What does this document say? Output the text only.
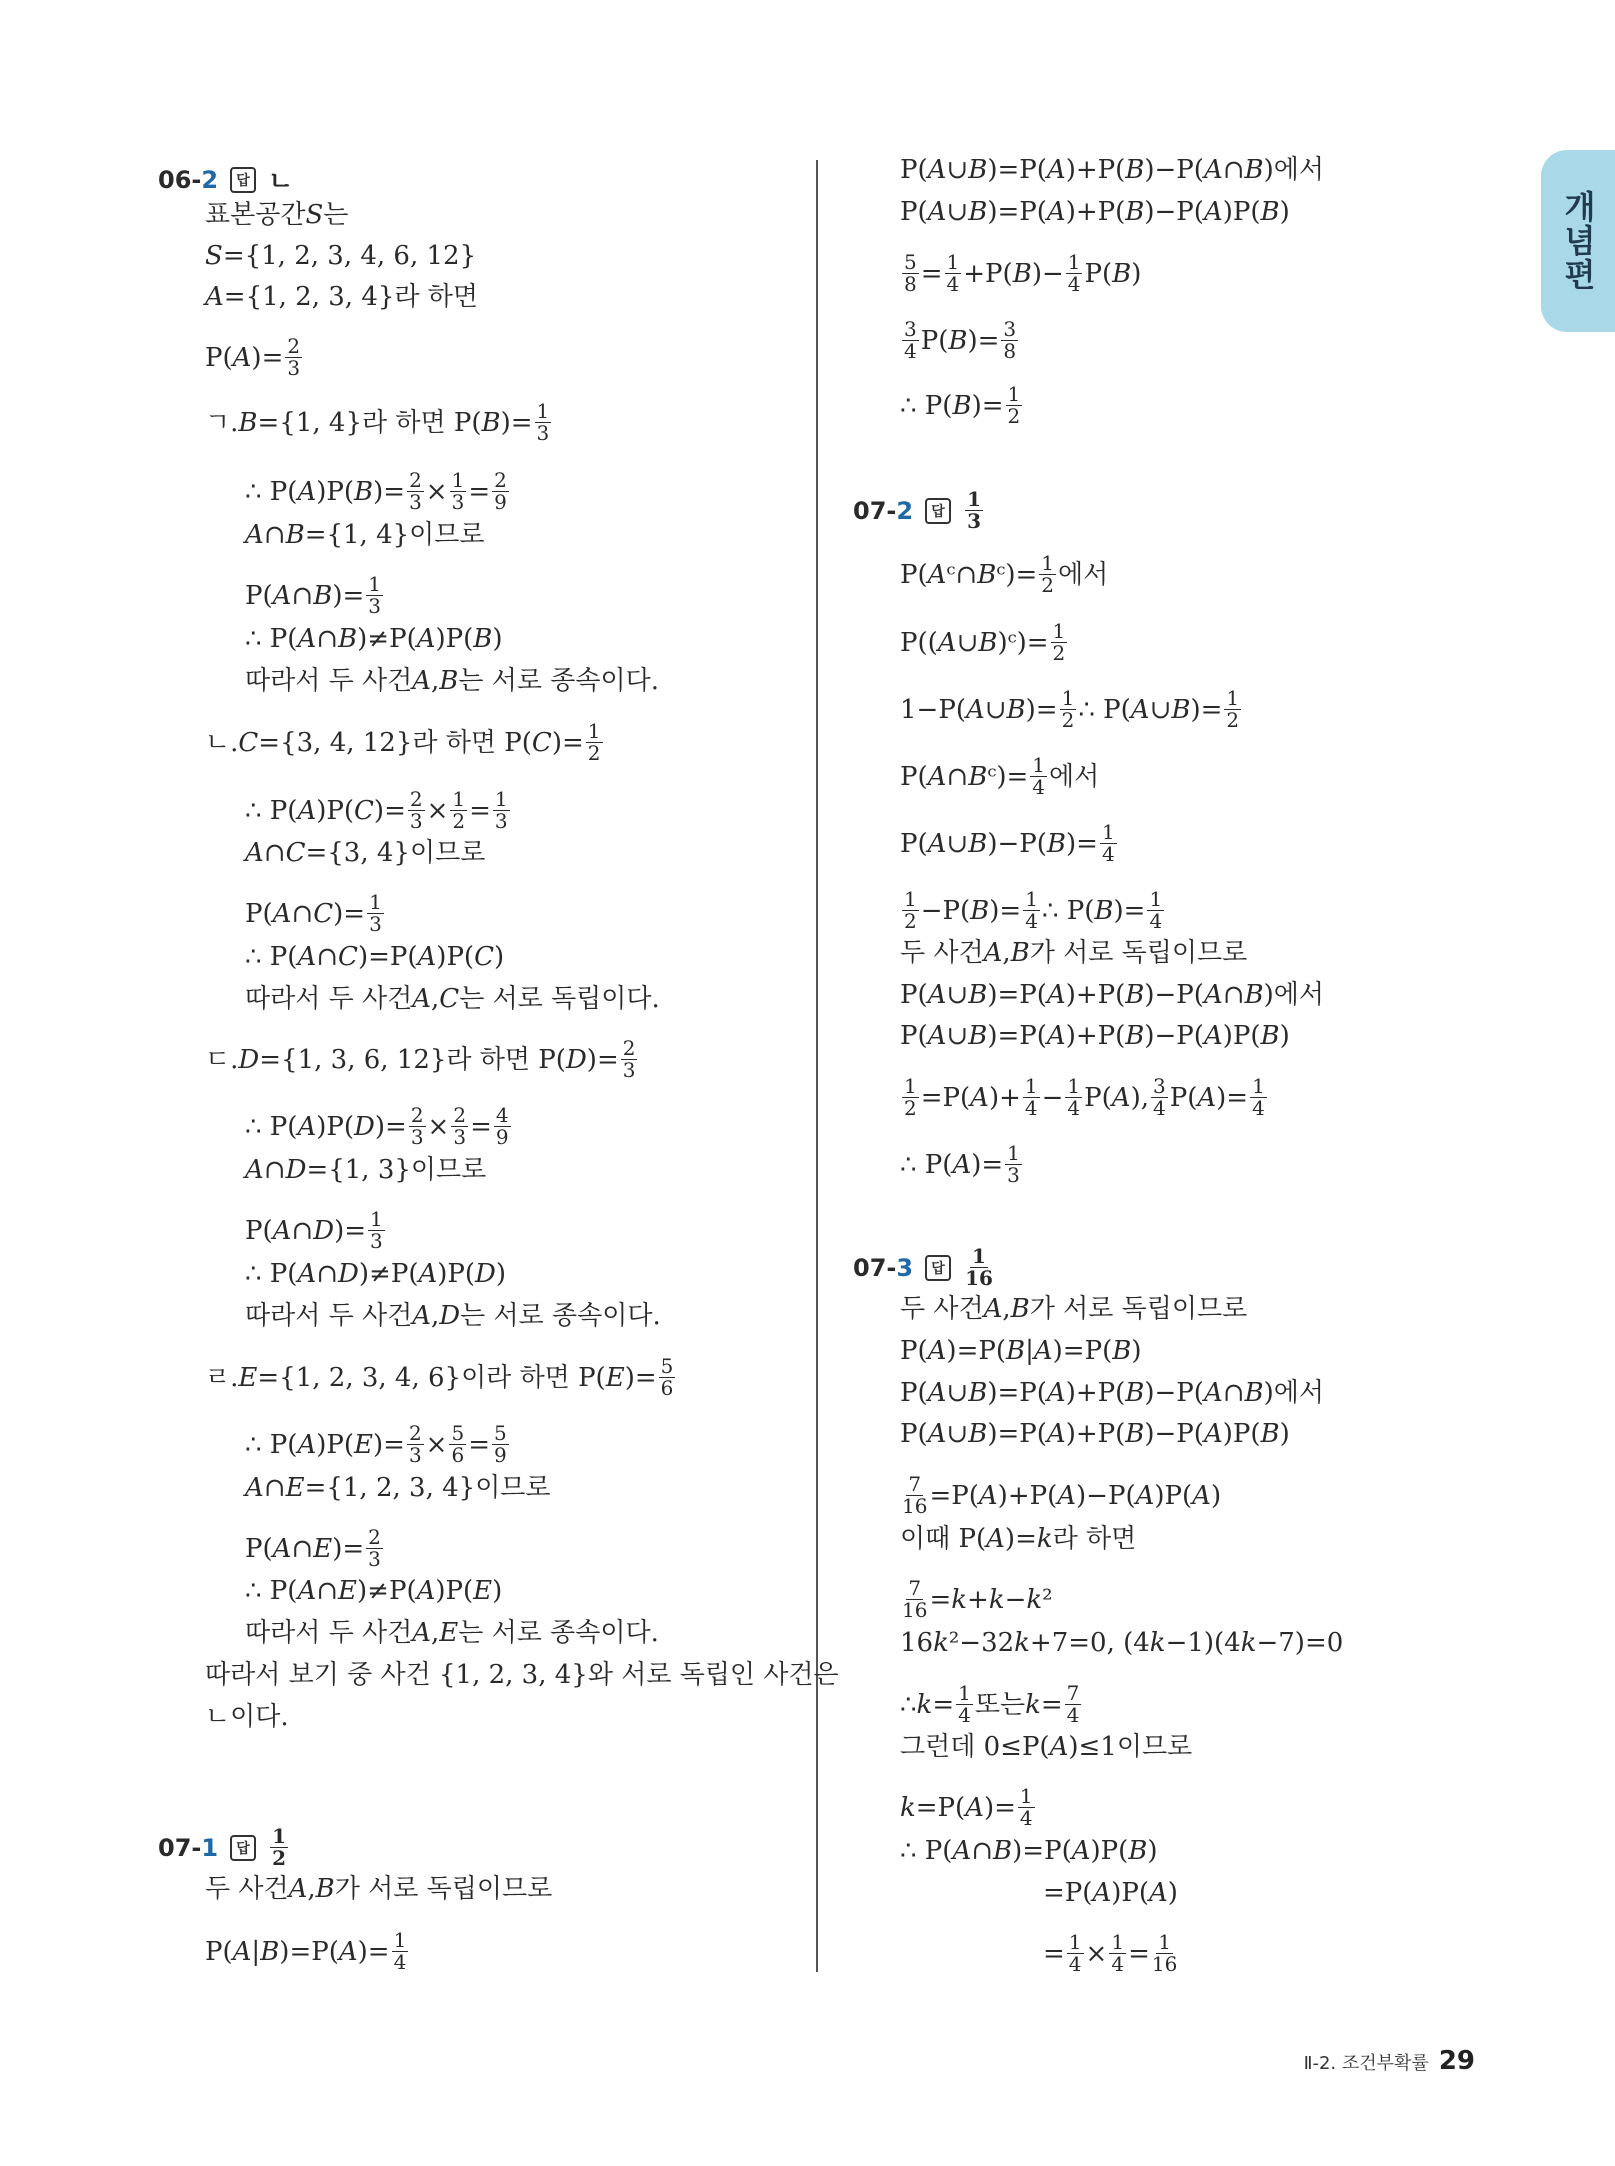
개념편
06-2	답 ㄴ
표본공간 S 는
S ={1, 2, 3, 4, 6, 12}
A ={1, 2, 3, 4}라 하면
P( A )= 2
3
ㄱ. B ={1, 4}라 하면 P( B )= 1
3
∴ P( A )P( B )= 2
3 × 1
3 = 2
9
A ∩ B ={1, 4}이므로
P( A ∩ B )= 1
3
∴ P( A ∩ B )≠P( A )P( B )
따라서 두 사건 A , B 는 서로 종속이다.
ㄴ. C ={3, 4, 12}라 하면 P( C )= 1
2
∴ P( A )P( C )= 2
3 × 1
2 = 1
3
A ∩ C ={3, 4}이므로
P( A ∩ C )= 1
3
∴ P( A ∩ C )=P( A )P( C )
따라서 두 사건 A , C 는 서로 독립이다.
ㄷ. D ={1, 3, 6, 12}라 하면 P( D )= 2
3
∴ P( A )P( D )= 2
3 × 2
3 = 4
9
A ∩ D ={1, 3}이므로
P( A ∩ D )= 1
3
∴ P( A ∩ D )≠P( A )P( D )
따라서 두 사건 A , D 는 서로 종속이다.
ㄹ. E ={1, 2, 3, 4, 6}이라 하면 P( E )= 5
6
∴ P( A )P( E )= 2
3 × 5
6 = 5
9
A ∩ E ={1, 2, 3, 4}이므로
P( A ∩ E )= 2
3
∴ P( A ∩ E )≠P( A )P( E )
따라서 두 사건 A , E 는 서로 종속이다.
따라서 보기 중 사건 {1, 2, 3, 4}와 서로 독립인 사건은
ㄴ이다.
07-1	답	$\frac{1}{2}$
두 사건 A , B 가 서로 독립이므로
P( A | B )=P( A )= 1
4
P( A ∪ B )=P( A )+P( B )−P( A ∩ B )에서
P( A ∪ B )=P( A )+P( B )−P( A )P( B )
5
8 = 1
4 +P( B )− 1
4 P( B )
3
4 P( B )= 3
8
∴ P( B )= 1
2
07-2	답	$\frac{1}{3}$
P( A ᶜ∩ B ᶜ)= 1
2 에서
P(( A ∪ B )ᶜ)= 1
2
1−P( A ∪ B )= 1
2 ∴ P( A ∪ B )= 1
2
P( A ∩ B ᶜ)= 1
4 에서
P( A ∪ B )−P( B )= 1
4
1
2 −P( B )= 1
4 ∴ P( B )= 1
4
두 사건 A , B 가 서로 독립이므로
P( A ∪ B )=P( A )+P( B )−P( A ∩ B )에서
P( A ∪ B )=P( A )+P( B )−P( A )P( B )
1
2 =P( A )+ 1
4 − 1
4 P( A ), 3
4 P( A )= 1
4
∴ P( A )= 1
3
07-3	답	$\frac{1}{16}$
두 사건 A , B 가 서로 독립이므로
P( A )=P( B | A )=P( B )
P( A ∪ B )=P( A )+P( B )−P( A ∩ B )에서
P( A ∪ B )=P( A )+P( B )−P( A )P( B )
7
16 =P( A )+P( A )−P( A )P( A )
이때 P( A )= k 라 하면
7
16 = k + k − k ²
16 k ²−32 k +7=0, (4 k −1)(4 k −7)=0
∴ k = 1
4 또는 k = 7
4
그런데 0≤P( A )≤1이므로
k =P( A )= 1
4
∴ P( A ∩ B )=P( A )P( B )
=P( A )P( A )
= 1
4 × 1
4 = 1
16
Ⅱ-2. 조건부확률 29
